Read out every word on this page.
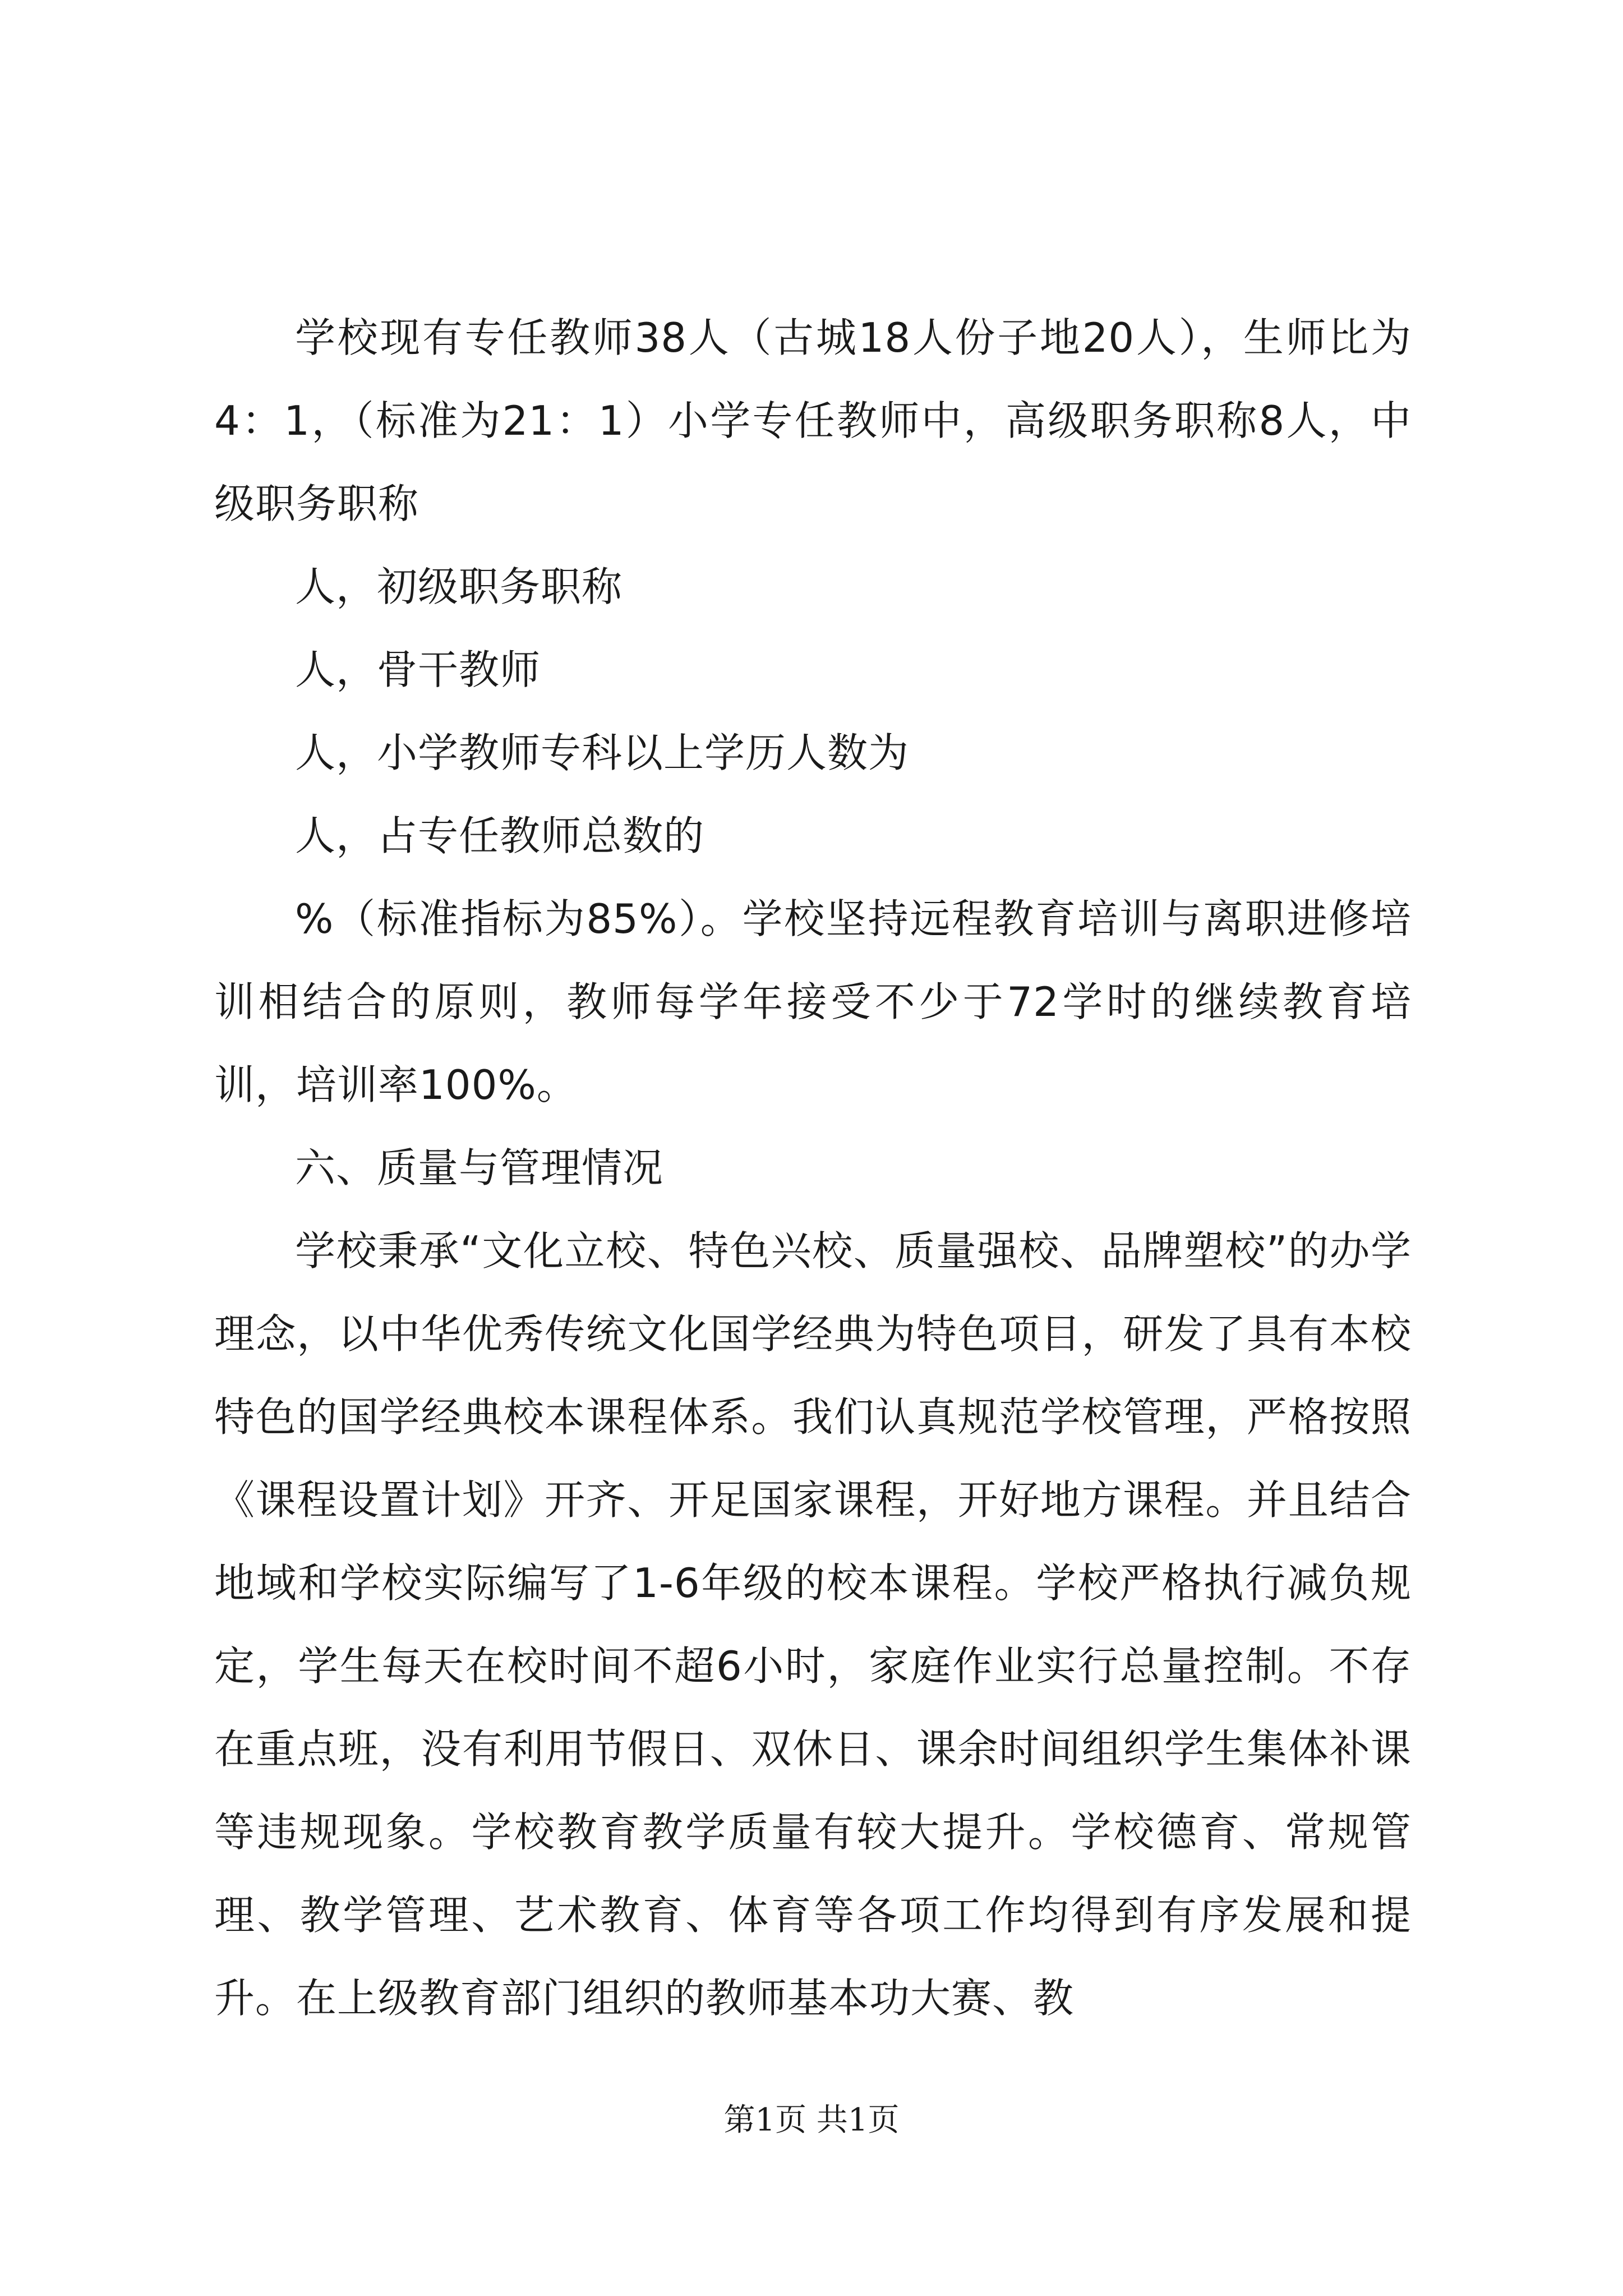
学校现有专任教师38人（古城18人份子地20人），生师比为4：1，（标准为21：1）小学专任教师中，高级职务职称8人，中级职务职称

人，初级职务职称

人，骨干教师

人，小学教师专科以上学历人数为

人，占专任教师总数的

%（标准指标为85%）。学校坚持远程教育培训与离职进修培训相结合的原则，教师每学年接受不少于72学时的继续教育培训，培训率100%。

六、质量与管理情况

学校秉承“文化立校、特色兴校、质量强校、品牌塑校”的办学理念，以中华优秀传统文化国学经典为特色项目，研发了具有本校特色的国学经典校本课程体系。我们认真规范学校管理，严格按照《课程设置计划》开齐、开足国家课程，开好地方课程。并且结合地域和学校实际编写了1-6年级的校本课程。学校严格执行减负规定，学生每天在校时间不超6小时，家庭作业实行总量控制。不存在重点班，没有利用节假日、双休日、课余时间组织学生集体补课等违规现象。学校教育教学质量有较大提升。学校德育、常规管理、教学管理、艺术教育、体育等各项工作均得到有序发展和提升。在上级教育部门组织的教师基本功大赛、教

第1页 共1页
